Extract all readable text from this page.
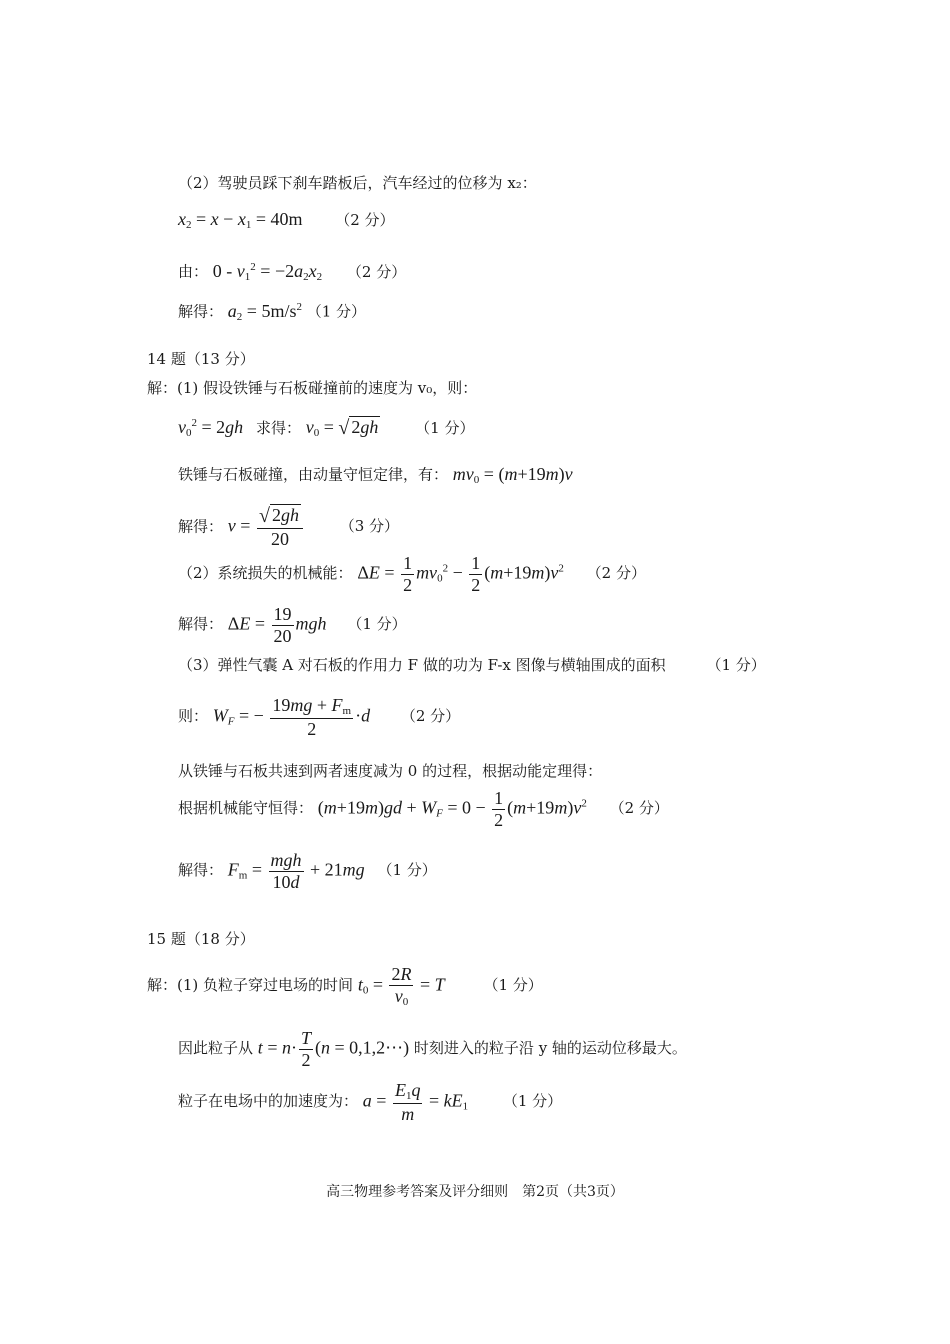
（2）驾驶员踩下刹车踏板后，汽车经过的位移为 x₂：
$x_2 = x - x_1 = 40m$ （2 分）
由： $0 - v_1^2 = -2a_2x_2$ （2 分）
解得： $a_2 = 5m/s^2$ （1 分）
14 题（13 分）
解：(1) 假设铁锤与石板碰撞前的速度为 v₀，则：
$v_0^2 = 2gh$ 求得： $v_0$ = √ 2gh （1 分）
铁锤与石板碰撞，由动量守恒定律，有： $mv_0 = (m+19m)v$
解得： $v = \frac{√ 2gh}{20} (3$ 分）
（2）系统损失的机械能： $\Delta E = \frac{1}{2} mv_0^2 - \frac{1}{2} (m+19m)v^2$ （2 分）
解得： $\Delta E = \frac{19}{20}$ mgh （1 分）
（3）弹性气囊 A 对石板的作用力 F 做的功为 F-x 图像与横轴围成的面积	（1 分）
则： $W_F$ = − $\frac{19mg + F_m}{2} \cdot d$ （2 分）
从铁锤与石板共速到两者速度减为 0 的过程，根据动能定理得：
根据机械能守恒得： $(m+19m)gd + W_F = 0 - \frac{1}{2} (m+19m)v^2$ （2 分）
解得： $F_m = \frac{\text{mgh}}{10d} + 21mg$ （1 分）
15 题（18 分）
解：(1) 负粒子穿过电场的时间 $t_0 = \frac{2R}{v_0} = T$	（1 分）
因此粒子从 $t = n\cdot \frac{T}{2} (n$ = 0,1,2⋯) 时刻进入的粒子沿 y 轴的运动位移最大。
粒子在电场中的加速度为： $a = \frac{E_1q}{m} = kE_1$ （1 分）
高三物理参考答案及评分细则　第2页（共3页）
